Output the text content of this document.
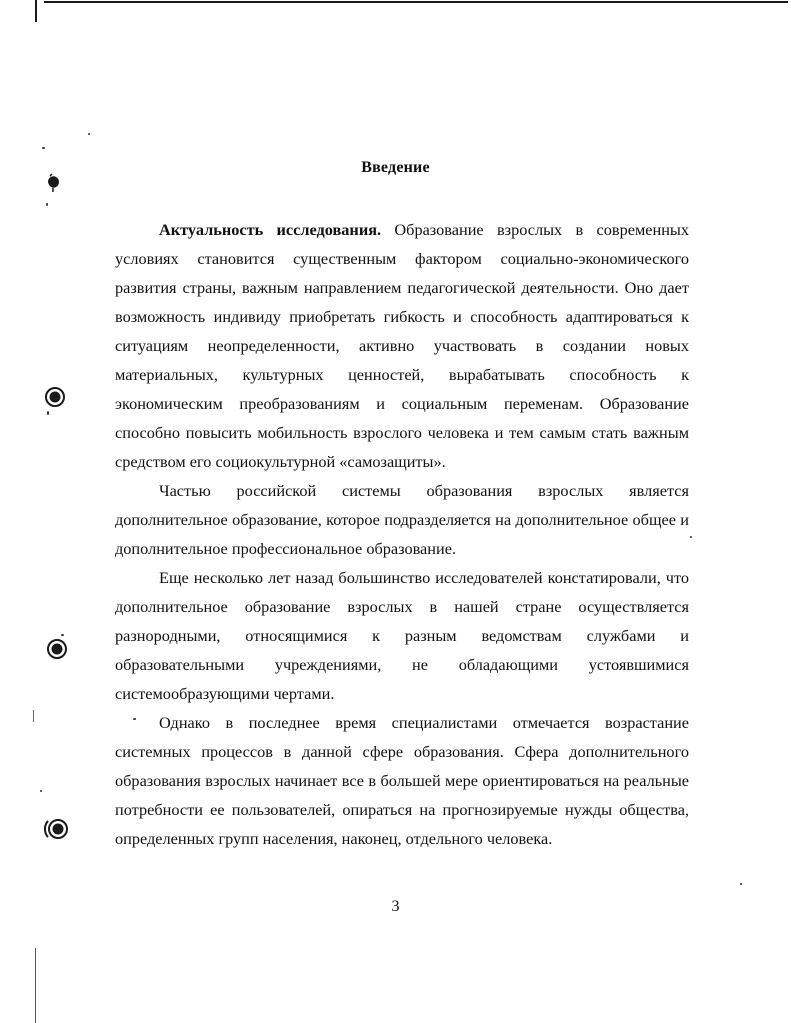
Введение

Актуальность исследования. Образование взрослых в современных условиях становится существенным фактором социально-экономического развития страны, важным направлением педагогической деятельности. Оно дает возможность индивиду приобретать гибкость и способность адаптироваться к ситуациям неопределенности, активно участвовать в создании новых материальных, культурных ценностей, вырабатывать способность к экономическим преобразованиям и социальным переменам. Образование способно повысить мобильность взрослого человека и тем самым стать важным средством его социокультурной «самозащиты».

Частью российской системы образования взрослых является дополнительное образование, которое подразделяется на дополнительное общее и дополнительное профессиональное образование.

Еще несколько лет назад большинство исследователей констатировали, что дополнительное образование взрослых в нашей стране осуществляется разнородными, относящимися к разным ведомствам службами и образовательными учреждениями, не обладающими устоявшимися системообразующими чертами.

Однако в последнее время специалистами отмечается возрастание системных процессов в данной сфере образования. Сфера дополнительного образования взрослых начинает все в большей мере ориентироваться на реальные потребности ее пользователей, опираться на прогнозируемые нужды общества, определенных групп населения, наконец, отдельного человека.

3
